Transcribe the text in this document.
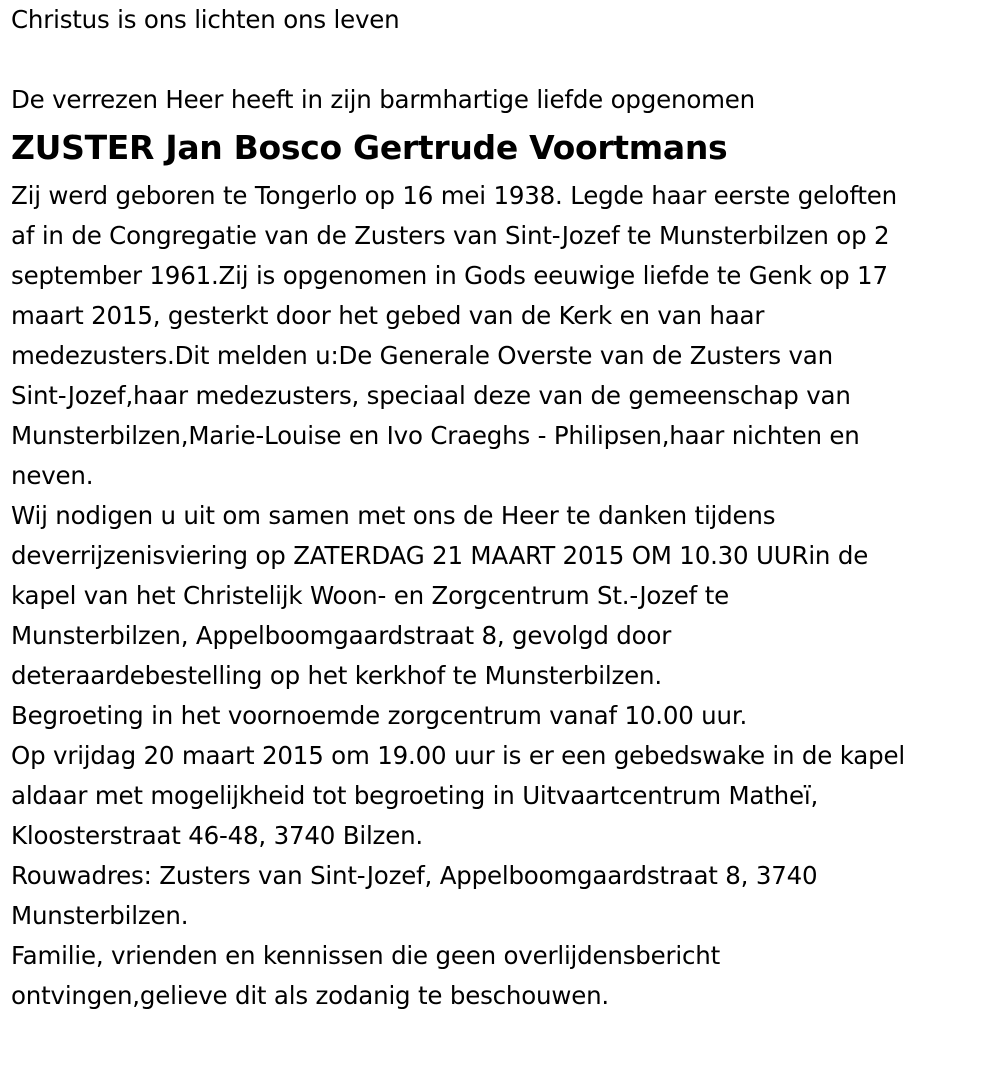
Christus is ons lichten ons leven
De verrezen Heer heeft in zijn barmhartige liefde opgenomen
ZUSTER Jan Bosco Gertrude Voortmans
Zij werd geboren te Tongerlo op 16 mei 1938. Legde haar eerste geloften
af in de Congregatie van de Zusters van Sint-Jozef te Munsterbilzen op 2
september 1961.Zij is opgenomen in Gods eeuwige liefde te Genk op 17
maart 2015, gesterkt door het gebed van de Kerk en van haar
medezusters.Dit melden u:De Generale Overste van de Zusters van
Sint-Jozef,haar medezusters, speciaal deze van de gemeenschap van
Munsterbilzen,Marie-Louise en Ivo Craeghs - Philipsen,haar nichten en
neven.
Wij nodigen u uit om samen met ons de Heer te danken tijdens
deverrijzenisviering op ZATERDAG 21 MAART 2015 OM 10.30 UURin de
kapel van het Christelijk Woon- en Zorgcentrum St.-Jozef te
Munsterbilzen, Appelboomgaardstraat 8, gevolgd door
deteraardebestelling op het kerkhof te Munsterbilzen.
Begroeting in het voornoemde zorgcentrum vanaf 10.00 uur.
Op vrijdag 20 maart 2015 om 19.00 uur is er een gebedswake in de kapel
aldaar met mogelijkheid tot begroeting in Uitvaartcentrum Matheï,
Kloosterstraat 46-48, 3740 Bilzen.
Rouwadres: Zusters van Sint-Jozef, Appelboomgaardstraat 8, 3740
Munsterbilzen.
Familie, vrienden en kennissen die geen overlijdensbericht
ontvingen,gelieve dit als zodanig te beschouwen.
